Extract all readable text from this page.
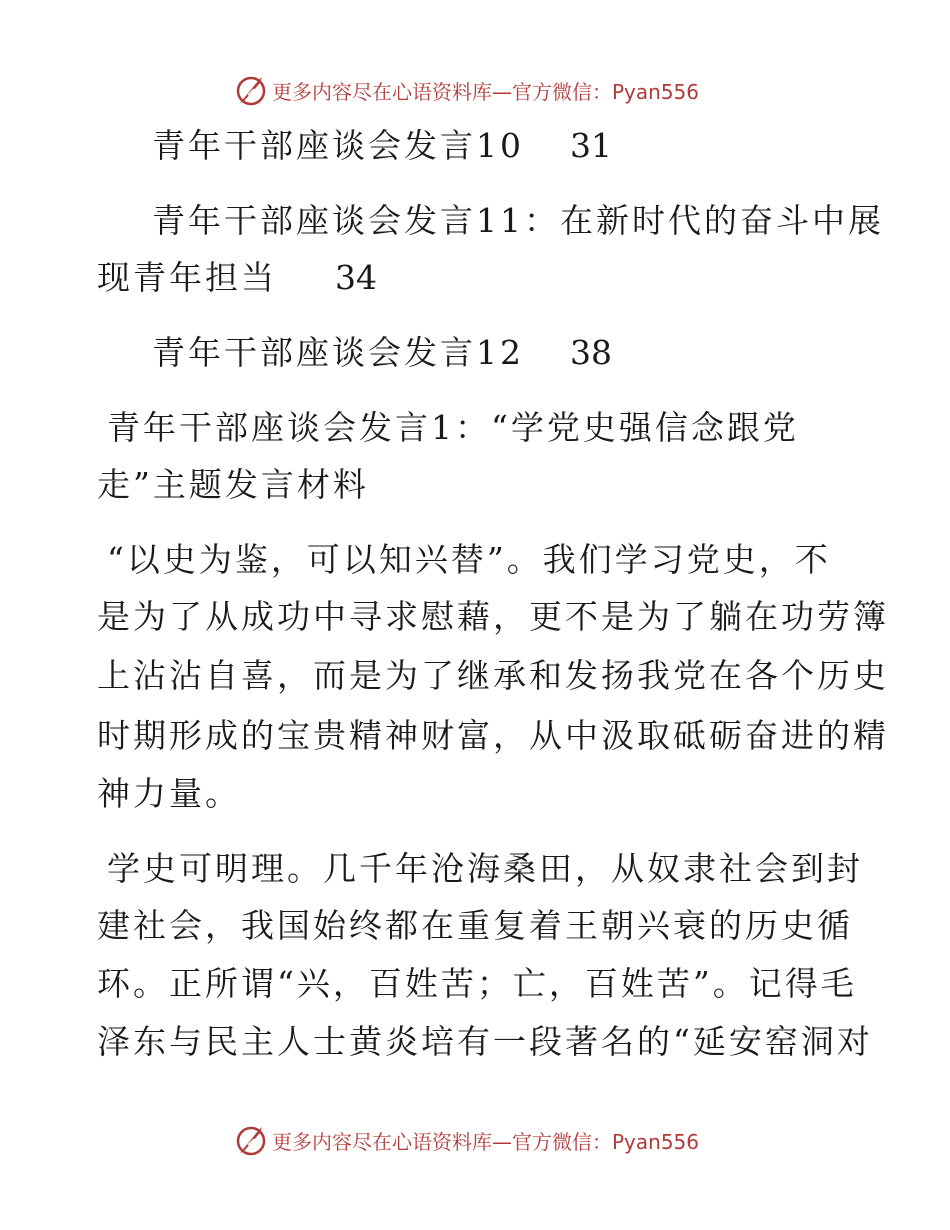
更多内容尽在心语资料库—官方微信：Pyan556
青年干部座谈会发言10 31
青年干部座谈会发言11：在新时代的奋斗中展
现青年担当 34
青年干部座谈会发言12 38
青年干部座谈会发言1：“学党史强信念跟党
走”主题发言材料
“以史为鉴，可以知兴替”。我们学习党史，不
是为了从成功中寻求慰藉，更不是为了躺在功劳簿
上沾沾自喜，而是为了继承和发扬我党在各个历史
时期形成的宝贵精神财富，从中汲取砥砺奋进的精
神力量。
学史可明理。几千年沧海桑田，从奴隶社会到封
建社会，我国始终都在重复着王朝兴衰的历史循
环。正所谓“兴，百姓苦；亡，百姓苦”。记得毛
泽东与民主人士黄炎培有一段著名的“延安窑洞对
更多内容尽在心语资料库—官方微信：Pyan556
